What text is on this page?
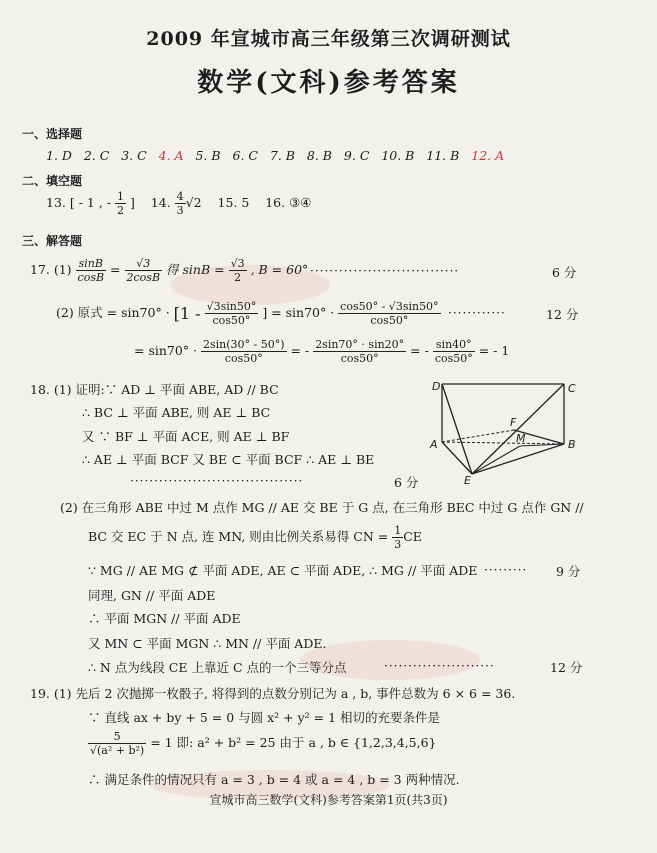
2009 年宣城市高三年级第三次调研测试
数学(文科)参考答案
一、选择题
1. D 2. C 3. C 4. A 5. B 6. C 7. B 8. B 9. C 10. B 11. B 12. A
二、填空题
13. [ - 1 , - $\frac{1}{2}$ ] 14. $\frac{4}{3} √2$ 15. 5 16. ③④
三、解答题
17. $(1) \frac{\sin B}{\cos B} = \frac{√3}{2\cos B}$ 得 $\sin B = \frac{√3}{2}$ , B = 60° ·······························	6 分
(2) 原式 = $\sin 70^\circ \cdot [1 - \frac{√3\sin 50^\circ}{\cos 50^\circ}$ ] = $\sin 70^\circ \cdot \frac{\cos 50^\circ - √3\sin 50^\circ}{\cos 50^\circ}$ ············	12 分
= $\sin 70^\circ \cdot \frac{2\sin(30^\circ - 50^\circ)}{\cos 50^\circ}$ = - $\frac{2\sin 70^\circ \cdot \sin 20^\circ}{\cos 50^\circ}$ = - $\frac{\sin 40^\circ}{\cos 50^\circ}$ = - 1
18. (1) 证明:∵ AD ⊥ 平面 ABE, AD // BC
∴ BC ⊥ 平面 ABE, 则 AE ⊥ BC
又 ∵ BF ⊥ 平面 ACE, 则 AE ⊥ BF
∴ AE ⊥ 平面 BCF 又 BE ⊂ 平面 BCF ∴ AE ⊥ BE
····································	6 分
D	C
A	B
E
F
M
(2) 在三角形 ABE 中过 M 点作 MG // AE 交 BE 于 G 点, 在三角形 BEC 中过 G 点作 GN //
BC 交 EC 于 N 点, 连 MN, 则由比例关系易得 CN = $\frac{1}{3}$ CE
∵ MG // AE MG ⊄ 平面 ADE, AE ⊂ 平面 ADE, ∴ MG // 平面 ADE ········· 9 分
同理, GN // 平面 ADE
∴ 平面 MGN // 平面 ADE
又 MN ⊂ 平面 MGN ∴ MN // 平面 ADE.
∴ N 点为线段 CE 上靠近 C 点的一个三等分点	·······················	12 分
19. (1) 先后 2 次抛掷一枚骰子, 将得到的点数分别记为 a , b, 事件总数为 6 × 6 = 36.
∵ 直线 ax + by + 5 = 0 与圆 x² + y² = 1 相切的充要条件是
$\frac{5}{\text{√(a² + b²)}} = 1$ 即: a² + b² = 25 由于 a , b ∈ {1,2,3,4,5,6}
∴ 满足条件的情况只有 a = 3 , b = 4 或 a = 4 , b = 3 两种情况.
宣城市高三数学(文科)参考答案第1页(共3页)
